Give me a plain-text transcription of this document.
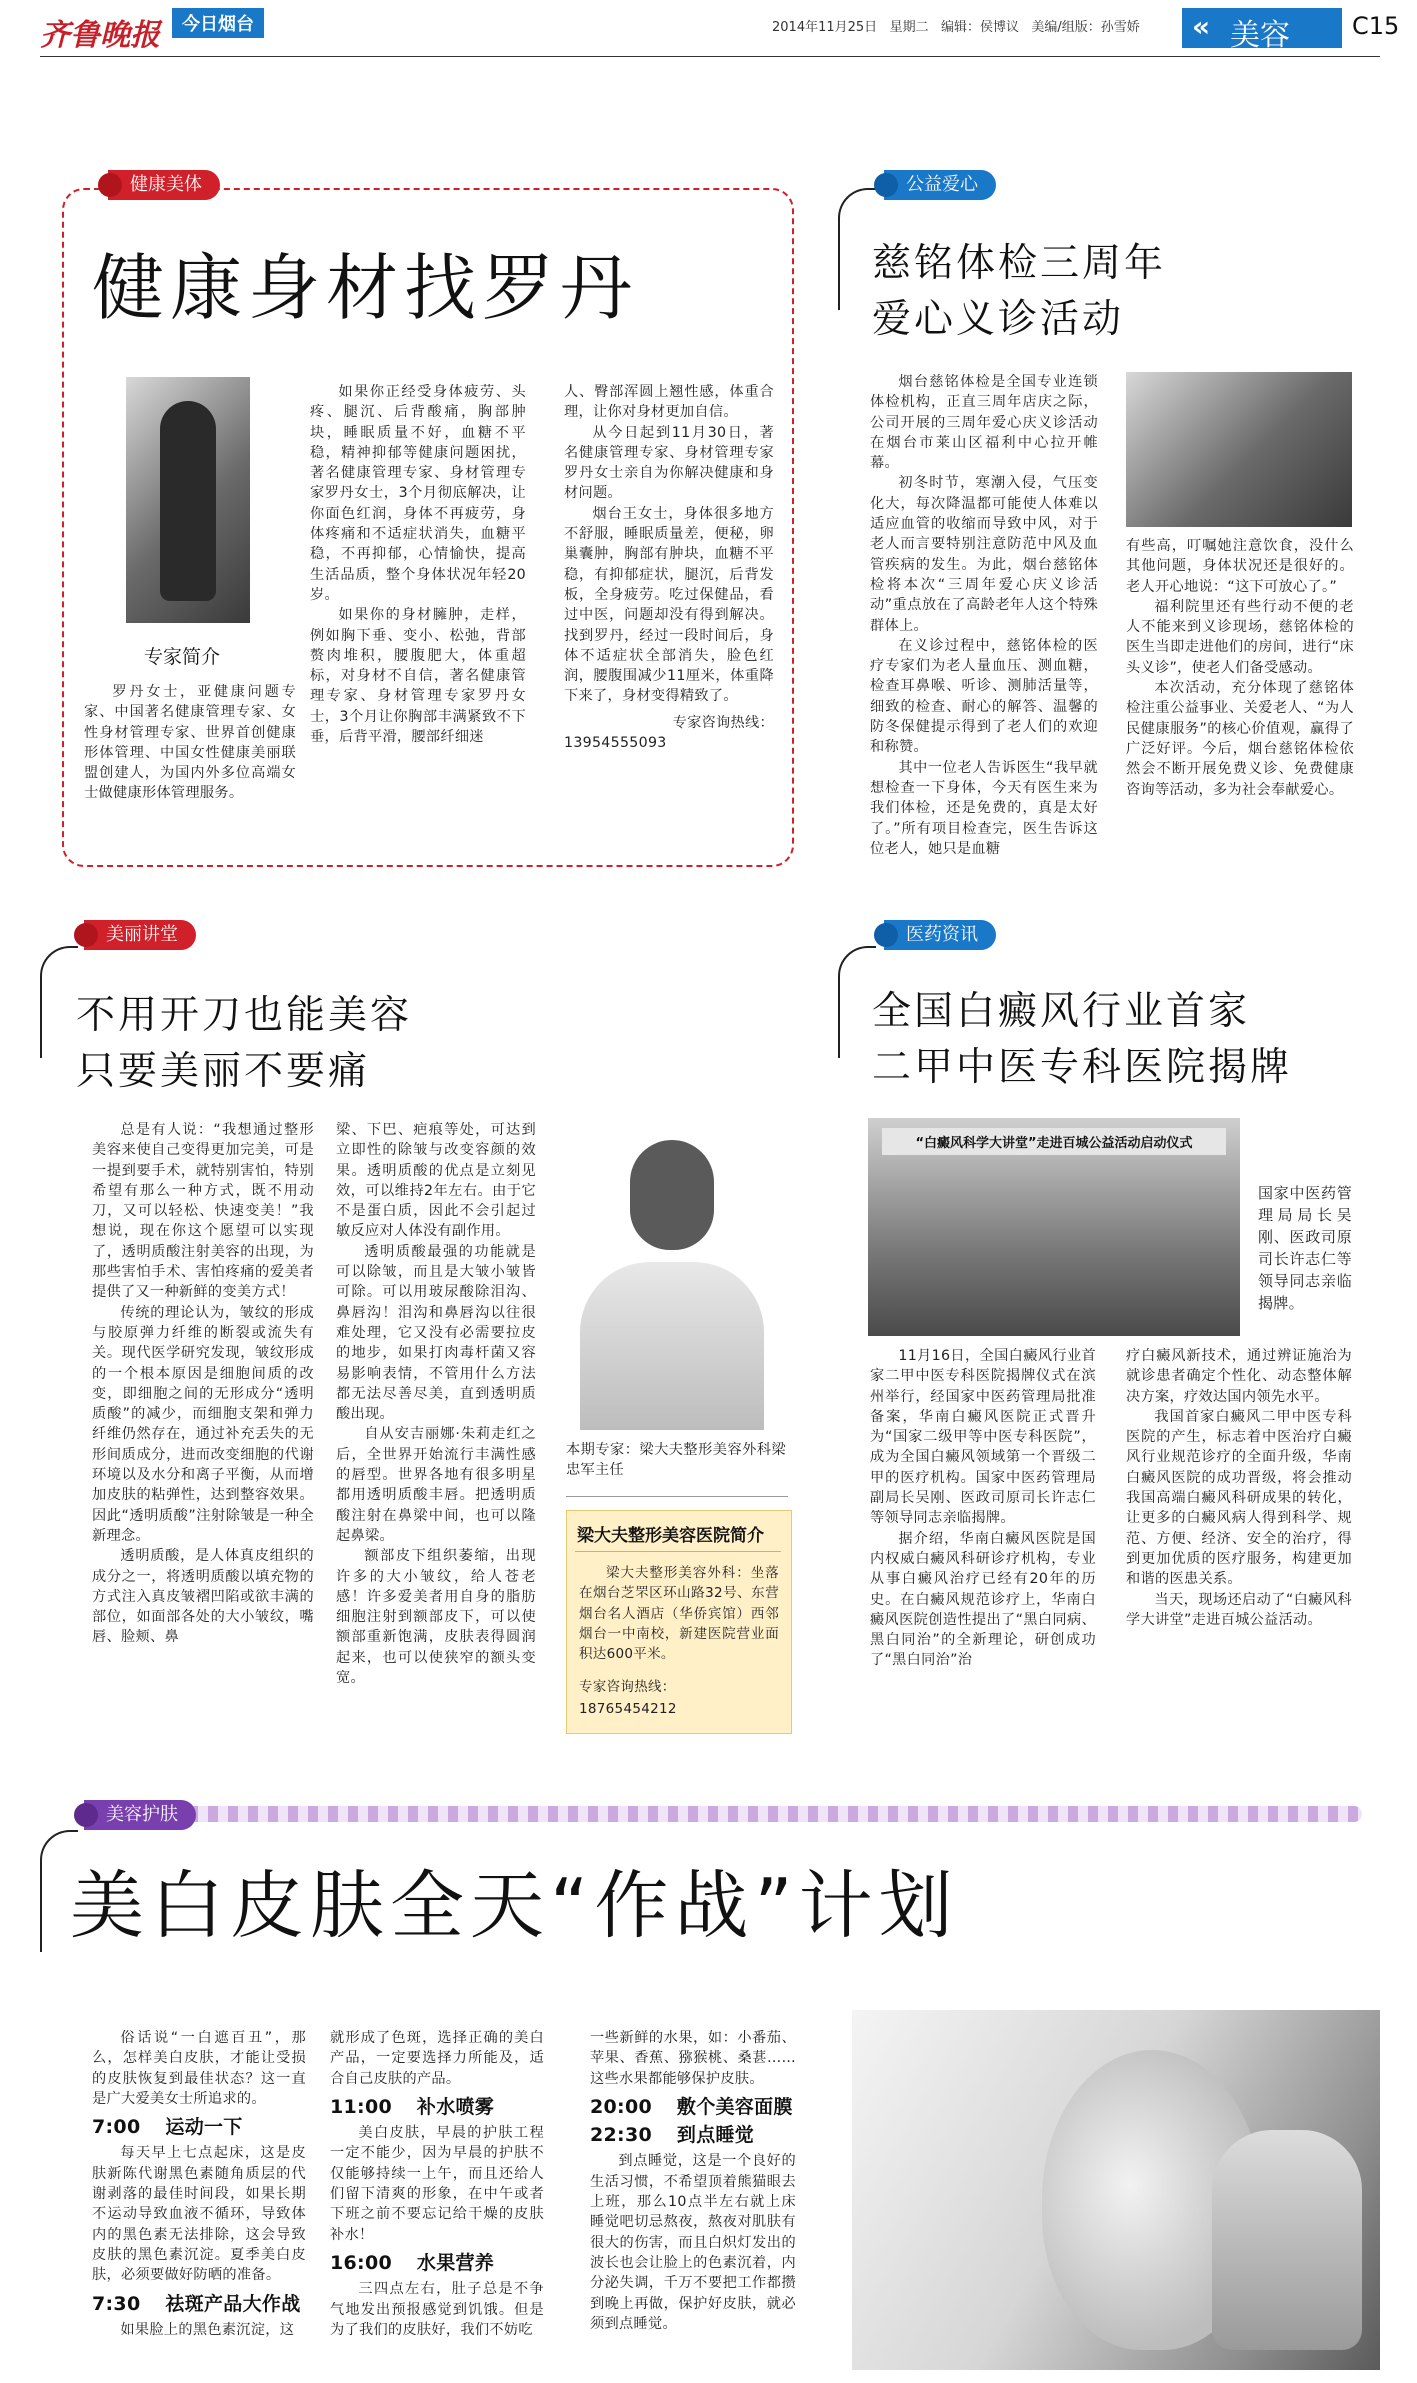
齐鲁晚报	今日烟台	2014年11月25日 星期二 编辑：侯博议 美编/组版：孙雪娇 « 美容	C15
健康美体
健康身材找罗丹
专家简介
罗丹女士，亚健康问题专家、中国著名健康管理专家、女性身材管理专家、世界首创健康形体管理、中国女性健康美丽联盟创建人，为国内外多位高端女士做健康形体管理服务。

如果你正经受身体疲劳、头疼、腿沉、后背酸痛，胸部肿块，睡眠质量不好，血糖不平稳，精神抑郁等健康问题困扰，著名健康管理专家、身材管理专家罗丹女士，3个月彻底解决，让你面色红润，身体不再疲劳，身体疼痛和不适症状消失，血糖平稳，不再抑郁，心情愉快，提高生活品质，整个身体状况年轻20岁。

如果你的身材臃肿，走样，例如胸下垂、变小、松弛，背部赘肉堆积，腰腹肥大，体重超标，对身材不自信，著名健康管理专家、身材管理专家罗丹女士，3个月让你胸部丰满紧致不下垂，后背平滑，腰部纤细迷

人、臀部浑圆上翘性感，体重合理，让你对身材更加自信。

从今日起到11月30日，著名健康管理专家、身材管理专家罗丹女士亲自为你解决健康和身材问题。

烟台王女士，身体很多地方不舒服，睡眠质量差，便秘，卵巢囊肿，胸部有肿块，血糖不平稳，有抑郁症状，腿沉，后背发板，全身疲劳。吃过保健品，看过中医，问题却没有得到解决。找到罗丹，经过一段时间后，身体不适症状全部消失，脸色红润，腰腹围减少11厘米，体重降下来了，身材变得精致了。

专家咨询热线：

13954555093

公益爱心
慈铭体检三周年
爱心义诊活动

烟台慈铭体检是全国专业连锁体检机构，正直三周年店庆之际，公司开展的三周年爱心庆义诊活动在烟台市莱山区福利中心拉开帷幕。

初冬时节，寒潮入侵，气压变化大，每次降温都可能使人体难以适应血管的收缩而导致中风，对于老人而言要特别注意防范中风及血管疾病的发生。为此，烟台慈铭体检将本次“三周年爱心庆义诊活动”重点放在了高龄老年人这个特殊群体上。

在义诊过程中，慈铭体检的医疗专家们为老人量血压、测血糖，检查耳鼻喉、听诊、测肺活量等，细致的检查、耐心的解答、温馨的防冬保健提示得到了老人们的欢迎和称赞。

其中一位老人告诉医生“我早就想检查一下身体，今天有医生来为我们体检，还是免费的，真是太好了。”所有项目检查完，医生告诉这位老人，她只是血糖

有些高，叮嘱她注意饮食，没什么其他问题，身体状况还是很好的。老人开心地说：“这下可放心了。”

福利院里还有些行动不便的老人不能来到义诊现场，慈铭体检的医生当即走进他们的房间，进行“床头义诊”，使老人们备受感动。

本次活动，充分体现了慈铭体检注重公益事业、关爱老人、“为人民健康服务”的核心价值观，赢得了广泛好评。今后，烟台慈铭体检依然会不断开展免费义诊、免费健康咨询等活动，多为社会奉献爱心。

美丽讲堂
不用开刀也能美容
只要美丽不要痛

总是有人说：“我想通过整形美容来使自己变得更加完美，可是一提到要手术，就特别害怕，特别希望有那么一种方式，既不用动刀，又可以轻松、快速变美！”我想说，现在你这个愿望可以实现了，透明质酸注射美容的出现，为那些害怕手术、害怕疼痛的爱美者提供了又一种新鲜的变美方式！

传统的理论认为，皱纹的形成与胶原弹力纤维的断裂或流失有关。现代医学研究发现，皱纹形成的一个根本原因是细胞间质的改变，即细胞之间的无形成分“透明质酸”的减少，而细胞支架和弹力纤维仍然存在，通过补充丢失的无形间质成分，进而改变细胞的代谢环境以及水分和离子平衡，从而增加皮肤的粘弹性，达到整容效果。因此“透明质酸”注射除皱是一种全新理念。

透明质酸，是人体真皮组织的成分之一，将透明质酸以填充物的方式注入真皮皱褶凹陷或欲丰满的部位，如面部各处的大小皱纹，嘴唇、脸颊、鼻

梁、下巴、疤痕等处，可达到立即性的除皱与改变容颜的效果。透明质酸的优点是立刻见效，可以维持2年左右。由于它不是蛋白质，因此不会引起过敏反应对人体没有副作用。

透明质酸最强的功能就是可以除皱，而且是大皱小皱皆可除。可以用玻尿酸除泪沟、鼻唇沟！泪沟和鼻唇沟以往很难处理，它又没有必需要拉皮的地步，如果打肉毒杆菌又容易影响表情，不管用什么方法都无法尽善尽美，直到透明质酸出现。

自从安吉丽娜·朱莉走红之后，全世界开始流行丰满性感的唇型。世界各地有很多明星都用透明质酸丰唇。把透明质酸注射在鼻梁中间，也可以隆起鼻梁。

额部皮下组织萎缩，出现许多的大小皱纹，给人苍老感！许多爱美者用自身的脂肪细胞注射到额部皮下，可以使额部重新饱满，皮肤表得圆润起来，也可以使狭窄的额头变宽。

本期专家：梁大夫整形美容外科梁忠军主任
梁大夫整形美容医院简介
梁大夫整形美容外科：坐落在烟台芝罘区环山路32号、东营烟台名人酒店（华侨宾馆）西邻烟台一中南校，新建医院营业面积达600平米。
专家咨询热线：
18765454212
医药资讯
全国白癜风行业首家
二甲中医专科医院揭牌
“白癜风科学大讲堂”走进百城公益活动启动仪式
国家中医药管理局局长吴刚、医政司原司长许志仁等领导同志亲临揭牌。

11月16日，全国白癜风行业首家二甲中医专科医院揭牌仪式在滨州举行，经国家中医药管理局批准备案，华南白癜风医院正式晋升为“国家二级甲等中医专科医院”，成为全国白癜风领域第一个晋级二甲的医疗机构。国家中医药管理局副局长吴刚、医政司原司长许志仁等领导同志亲临揭牌。

据介绍，华南白癜风医院是国内权威白癜风科研诊疗机构，专业从事白癜风治疗已经有20年的历史。在白癜风规范诊疗上，华南白癜风医院创造性提出了“黑白同病、黑白同治”的全新理论，研创成功了“黑白同治”治

疗白癜风新技术，通过辨证施治为就诊患者确定个性化、动态整体解决方案，疗效达国内领先水平。

我国首家白癜风二甲中医专科医院的产生，标志着中医治疗白癜风行业规范诊疗的全面升级，华南白癜风医院的成功晋级，将会推动我国高端白癜风科研成果的转化，让更多的白癜风病人得到科学、规范、方便、经济、安全的治疗，得到更加优质的医疗服务，构建更加和谐的医患关系。

当天，现场还启动了“白癜风科学大讲堂”走进百城公益活动。

美容护肤
美白皮肤全天“作战”计划

俗话说“一白遮百丑”，那么，怎样美白皮肤，才能让受损的皮肤恢复到最佳状态？这一直是广大爱美女士所追求的。

7:00 运动一下

每天早上七点起床，这是皮肤新陈代谢黑色素随角质层的代谢剥落的最佳时间段，如果长期不运动导致血液不循环，导致体内的黑色素无法排除，这会导致皮肤的黑色素沉淀。夏季美白皮肤，必须要做好防晒的准备。

7:30 祛斑产品大作战

如果脸上的黑色素沉淀，这

就形成了色斑，选择正确的美白产品，一定要选择力所能及，适合自己皮肤的产品。

11:00 补水喷雾

美白皮肤，早晨的护肤工程一定不能少，因为早晨的护肤不仅能够持续一上午，而且还给人们留下清爽的形象，在中午或者下班之前不要忘记给干燥的皮肤补水！

16:00 水果营养

三四点左右，肚子总是不争气地发出预报感觉到饥饿。但是为了我们的皮肤好，我们不妨吃

一些新鲜的水果，如：小番茄、苹果、香蕉、猕猴桃、桑葚……这些水果都能够保护皮肤。

20:00 敷个美容面膜
22:30 到点睡觉

到点睡觉，这是一个良好的生活习惯，不希望顶着熊猫眼去上班，那么10点半左右就上床睡觉吧切忌熬夜，熬夜对肌肤有很大的伤害，而且白炽灯发出的波长也会让脸上的色素沉着，内分泌失调，千万不要把工作都攒到晚上再做，保护好皮肤，就必须到点睡觉。
